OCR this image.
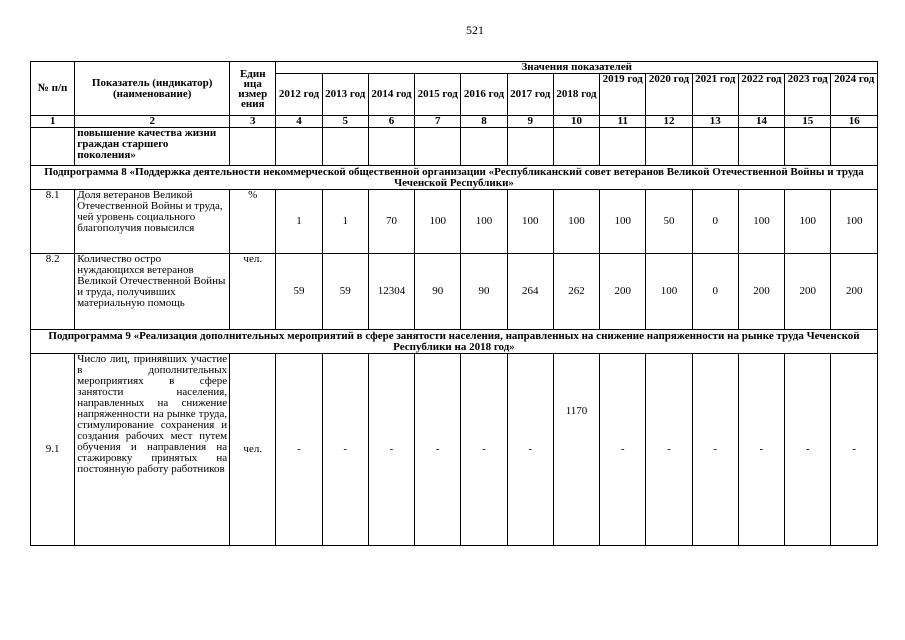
521
№ п/п	Показатель (индикатор) (наименование)	Един ица измер ения	Значения показателей												
			2012 год	2013 год	2014 год	2015 год	2016 год	2017 год	2018 год	2019 год	2020 год	2021 год	2022 год	2023 год	2024 год
1	2	3	4	5	6	7	8	9	10	11	12	13	14	15	16
	повышение качества жизни граждан старшего поколения»														
Подпрограмма 8 «Поддержка деятельности некоммерческой общественной организации «Республиканский совет ветеранов Великой Отечественной Войны и труда Чеченской Республики»															
8.1	Доля ветеранов Великой Отечественной Войны и труда, чей уровень социального благополучия повысился	%	1	1	70	100	100	100	100	100	50	0	100	100	100
8.2	Количество остро нуждающихся ветеранов Великой Отечественной Войны и труда, получивших материальную помощь	чел.	59	59	12304	90	90	264	262	200	100	0	200	200	200
Подпрограмма 9 «Реализация дополнительных мероприятий в сфере занятости населения, направленных на снижение напряженности на рынке труда Чеченской Республики на 2018 год»															
9.1	Число лиц, принявших участие в дополнительных мероприятиях в сфере занятости населения, направленных на снижение напряженности на рынке труда, стимулирование сохранения и создания рабочих мест путем обучения и направления на стажировку принятых на постоянную работу работников	чел.	-	-	-	-	-	-	1170	-	-	-	-	-	-
